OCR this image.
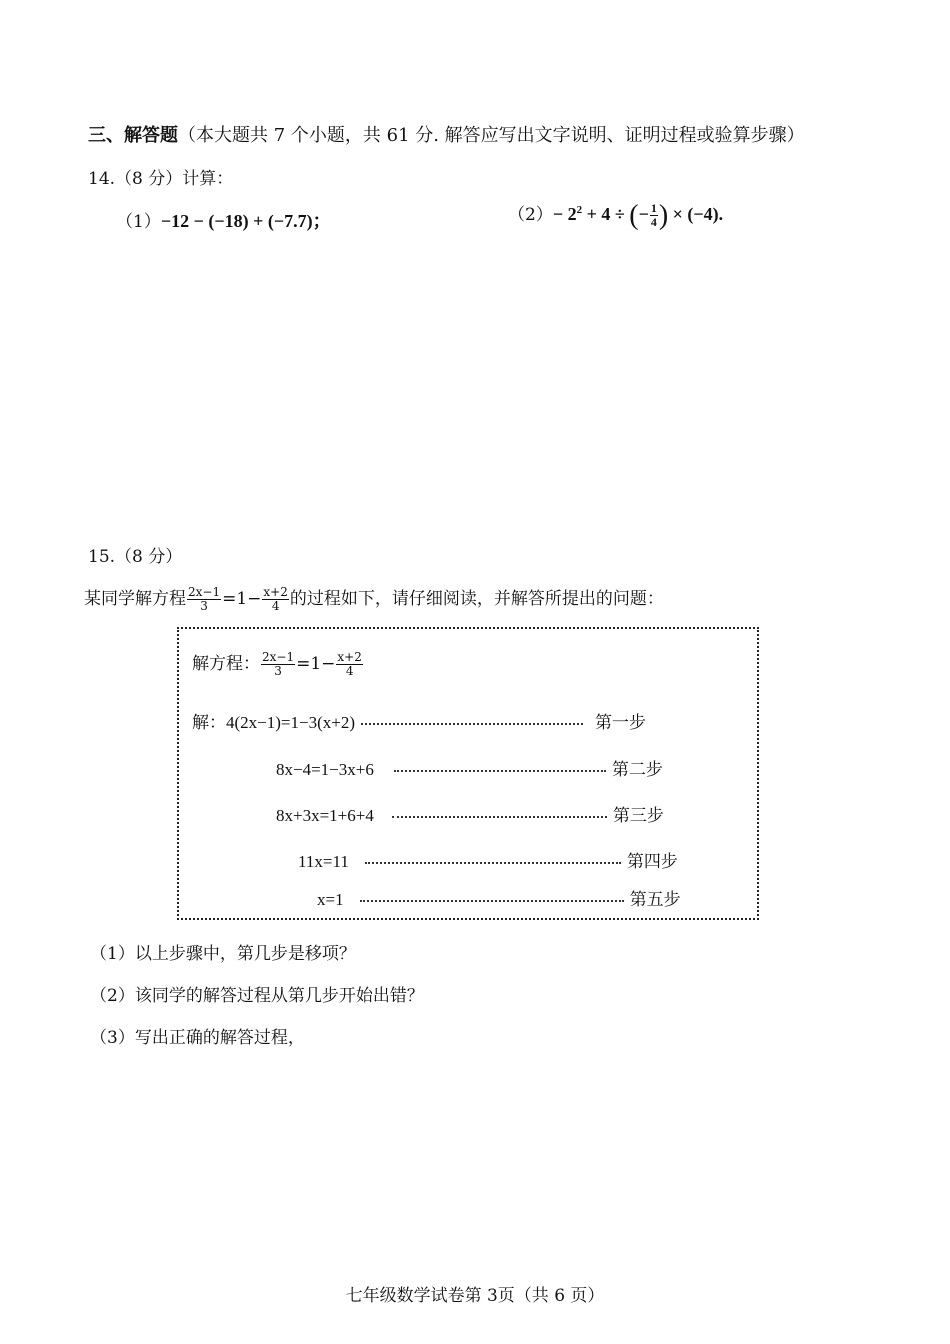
三、解答题（本大题共 7 个小题，共 61 分. 解答应写出文字说明、证明过程或验算步骤）
14.（8 分）计算：
（1）−12 − (−18) + (−7.7)；	$(2)- 2^2 + 4$ ÷ (− $\frac{1}{4}$ ) × (−4).
15.（8 分）
某同学解方程 $\frac{2x-1}{3} =1- \frac{x+2}{4}$ 的过程如下，请仔细阅读，并解答所提出的问题：
解方程： $\frac{2x-1}{3} =1- \frac{x+2}{4}$
解：4(2x−1)=1−3(x+2)	第一步
8x−4=1−3x+6	第二步
8x+3x=1+6+4	第三步
11x=11	第四步
x=1	第五步
（1）以上步骤中，第几步是移项？
（2）该同学的解答过程从第几步开始出错？
（3）写出正确的解答过程，
七年级数学试卷第 3页（共 6 页）
